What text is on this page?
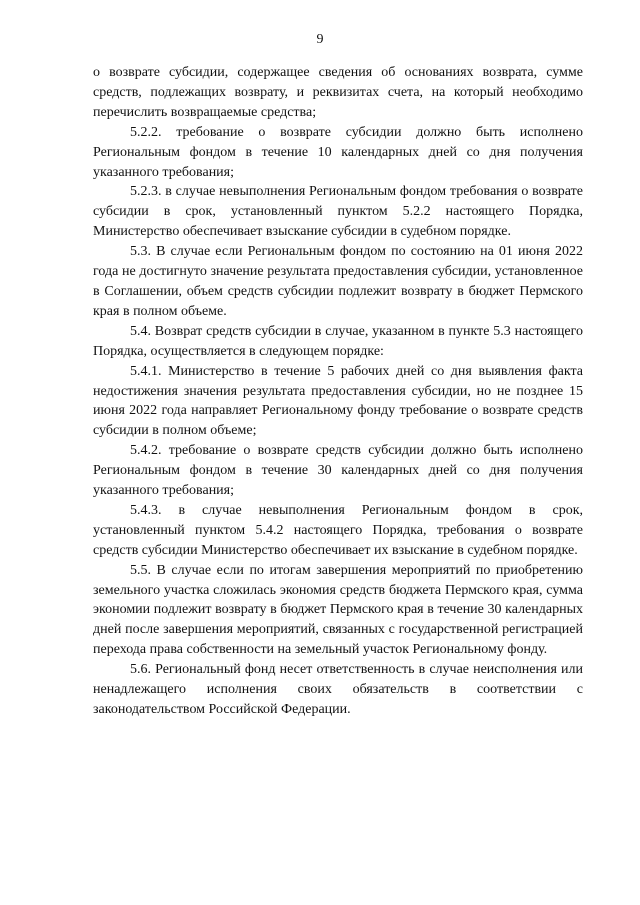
9

о возврате субсидии, содержащее сведения об основаниях возврата, сумме средств, подлежащих возврату, и реквизитах счета, на который необходимо перечислить возвращаемые средства;

5.2.2. требование о возврате субсидии должно быть исполнено Региональным фондом в течение 10 календарных дней со дня получения указанного требования;

5.2.3. в случае невыполнения Региональным фондом требования о возврате субсидии в срок, установленный пунктом 5.2.2 настоящего Порядка, Министерство обеспечивает взыскание субсидии в судебном порядке.

5.3. В случае если Региональным фондом по состоянию на 01 июня 2022 года не достигнуто значение результата предоставления субсидии, установленное в Соглашении, объем средств субсидии подлежит возврату в бюджет Пермского края в полном объеме.

5.4. Возврат средств субсидии в случае, указанном в пункте 5.3 настоящего Порядка, осуществляется в следующем порядке:

5.4.1. Министерство в течение 5 рабочих дней со дня выявления факта недостижения значения результата предоставления субсидии, но не позднее 15 июня 2022 года направляет Региональному фонду требование о возврате средств субсидии в полном объеме;

5.4.2. требование о возврате средств субсидии должно быть исполнено Региональным фондом в течение 30 календарных дней со дня получения указанного требования;

5.4.3. в случае невыполнения Региональным фондом в срок, установленный пунктом 5.4.2 настоящего Порядка, требования о возврате средств субсидии Министерство обеспечивает их взыскание в судебном порядке.

5.5. В случае если по итогам завершения мероприятий по приобретению земельного участка сложилась экономия средств бюджета Пермского края, сумма экономии подлежит возврату в бюджет Пермского края в течение 30 календарных дней после завершения мероприятий, связанных с государственной регистрацией перехода права собственности на земельный участок Региональному фонду.

5.6. Региональный фонд несет ответственность в случае неисполнения или ненадлежащего исполнения своих обязательств в соответствии с законодательством Российской Федерации.
